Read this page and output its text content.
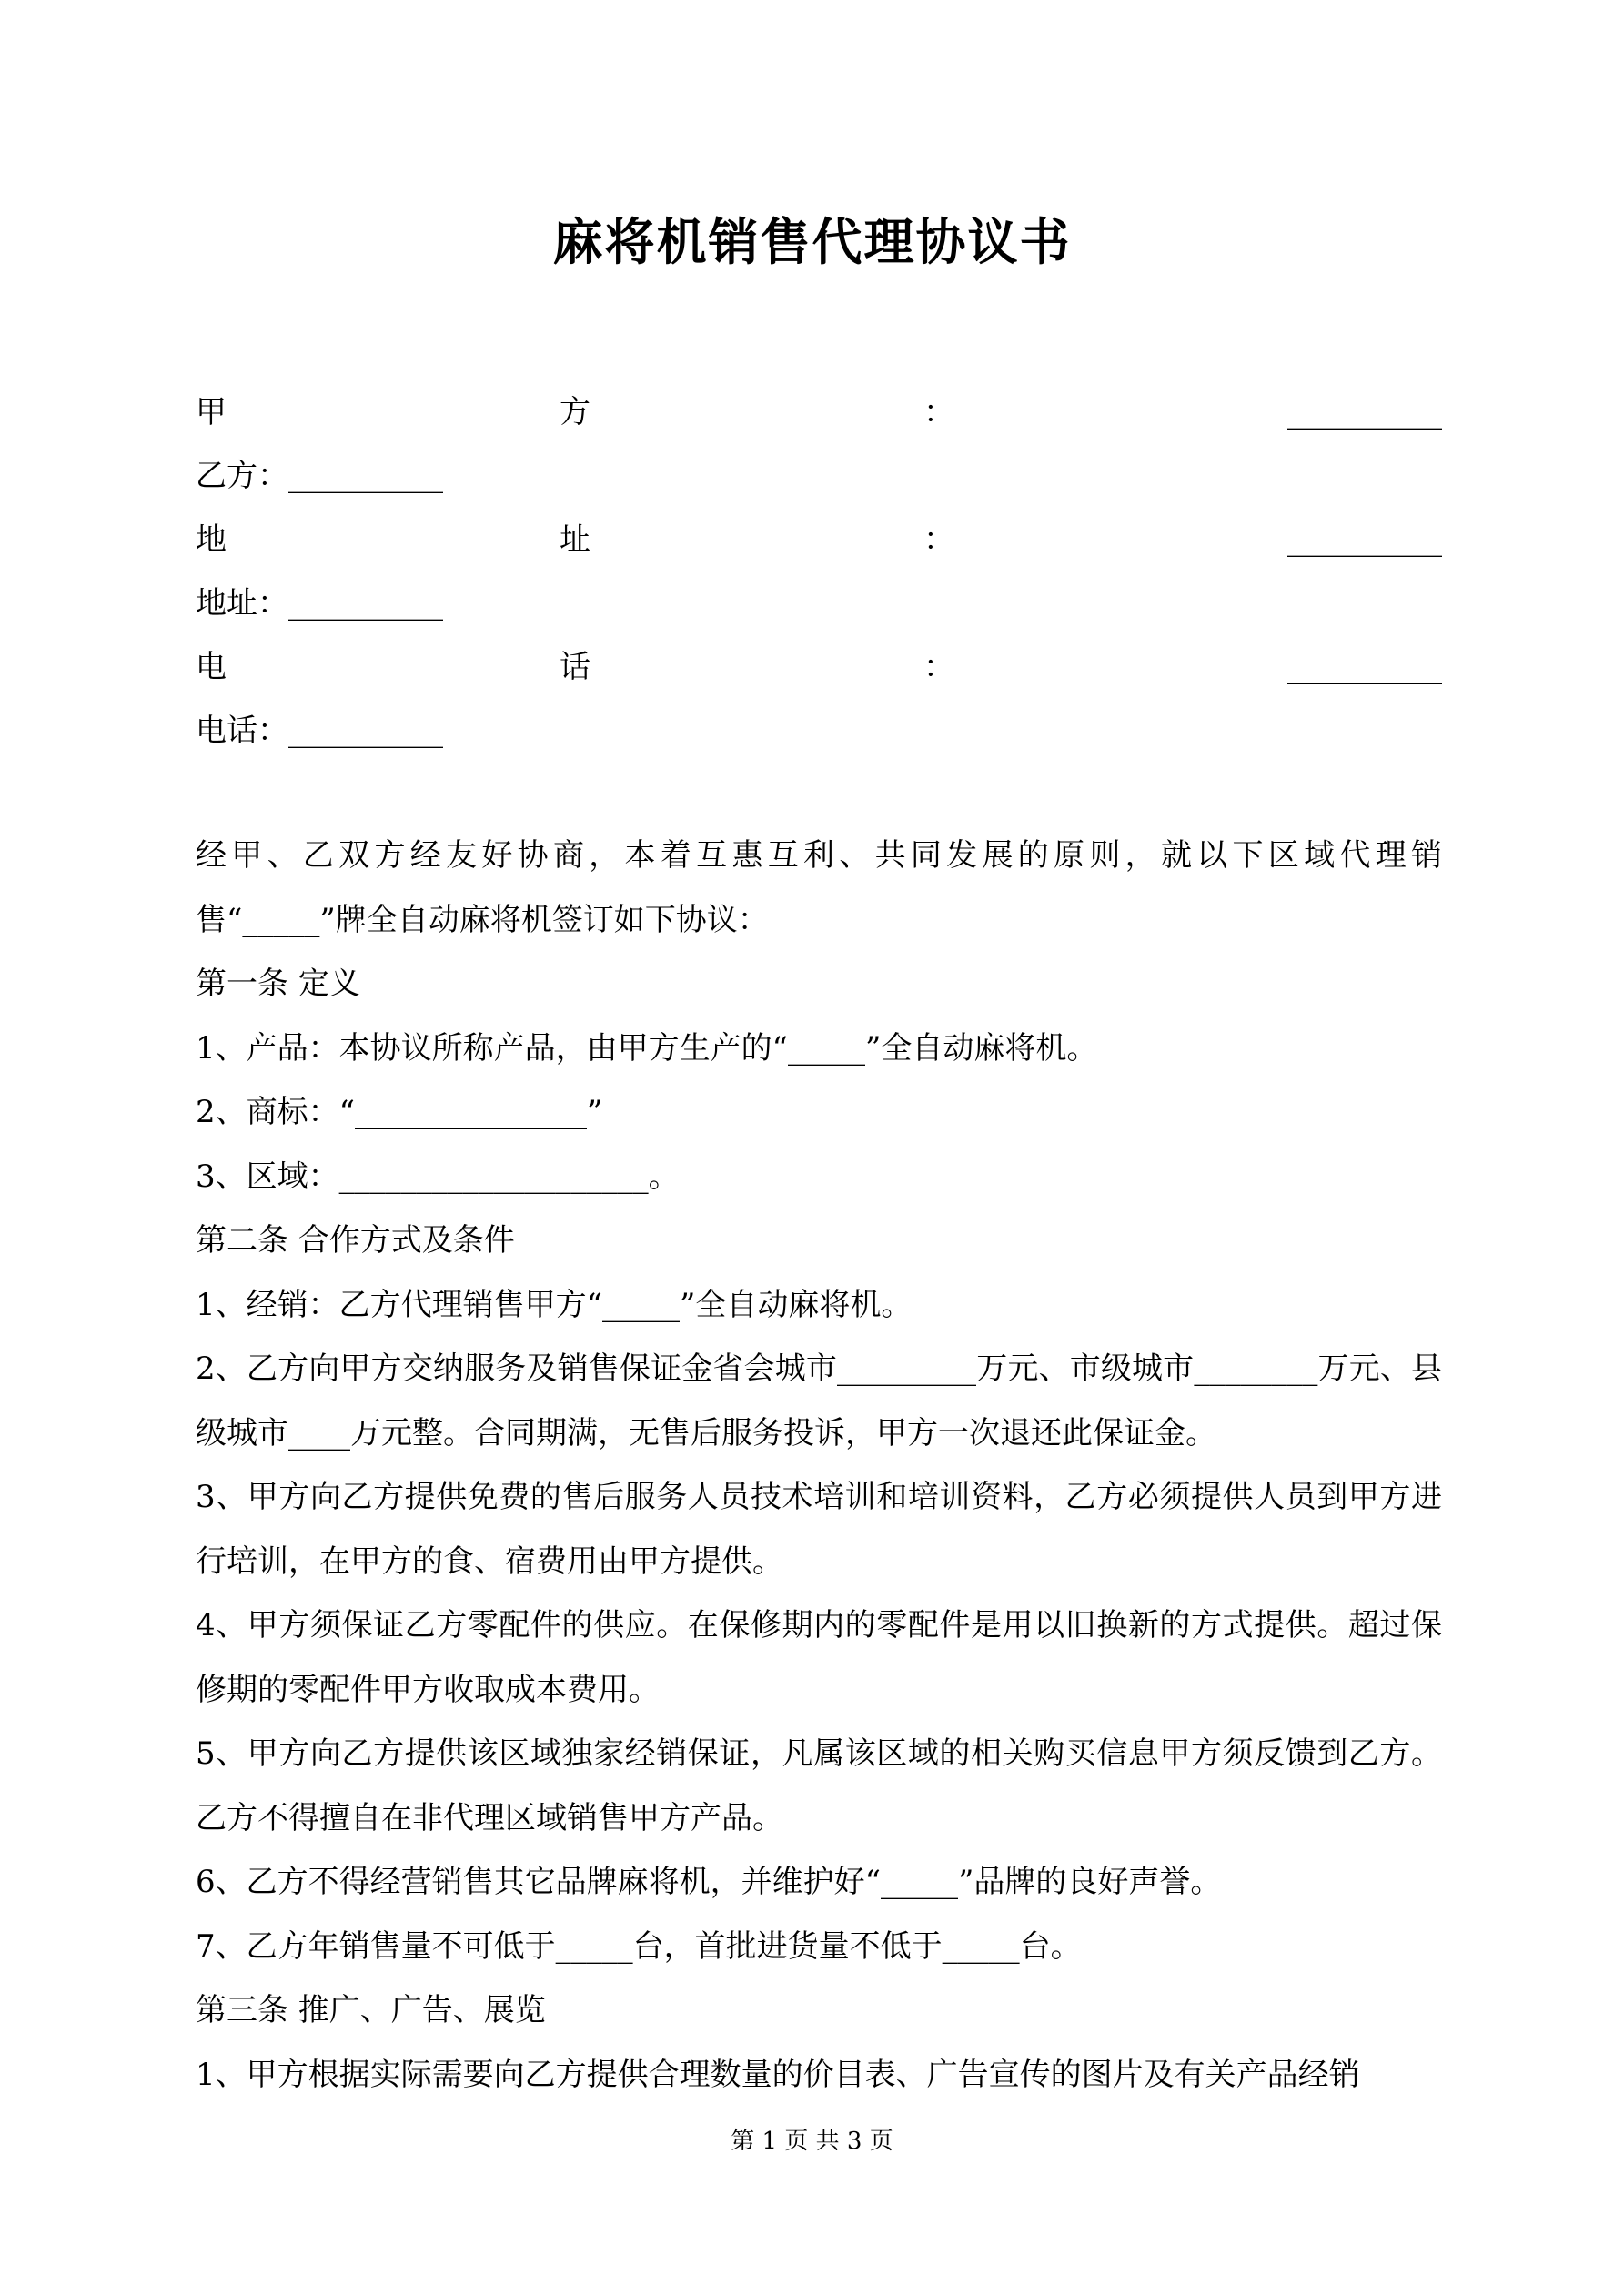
麻将机销售代理协议书
甲	方	：	__________
乙方：__________
地	址	：	__________
地址：__________
电	话	：	__________
电话：__________

经甲、乙双方经友好协商，本着互惠互利、共同发展的原则，就以下区域代理销售“_____”牌全自动麻将机签订如下协议：

第一条 定义

1、产品：本协议所称产品，由甲方生产的“_____”全自动麻将机。

2、商标：“_______________”

3、区域：____________________。

第二条 合作方式及条件

1、经销：乙方代理销售甲方“_____”全自动麻将机。

2、乙方向甲方交纳服务及销售保证金省会城市_________万元、市级城市________万元、县级城市____万元整。合同期满，无售后服务投诉，甲方一次退还此保证金。

3、甲方向乙方提供免费的售后服务人员技术培训和培训资料，乙方必须提供人员到甲方进行培训，在甲方的食、宿费用由甲方提供。

4、甲方须保证乙方零配件的供应。在保修期内的零配件是用以旧换新的方式提供。超过保修期的零配件甲方收取成本费用。

5、甲方向乙方提供该区域独家经销保证，凡属该区域的相关购买信息甲方须反馈到乙方。乙方不得擅自在非代理区域销售甲方产品。

6、乙方不得经营销售其它品牌麻将机，并维护好“_____”品牌的良好声誉。

7、乙方年销售量不可低于_____台，首批进货量不低于_____台。

第三条 推广、广告、展览

1、甲方根据实际需要向乙方提供合理数量的价目表、广告宣传的图片及有关产品经销

第 1 页 共 3 页
